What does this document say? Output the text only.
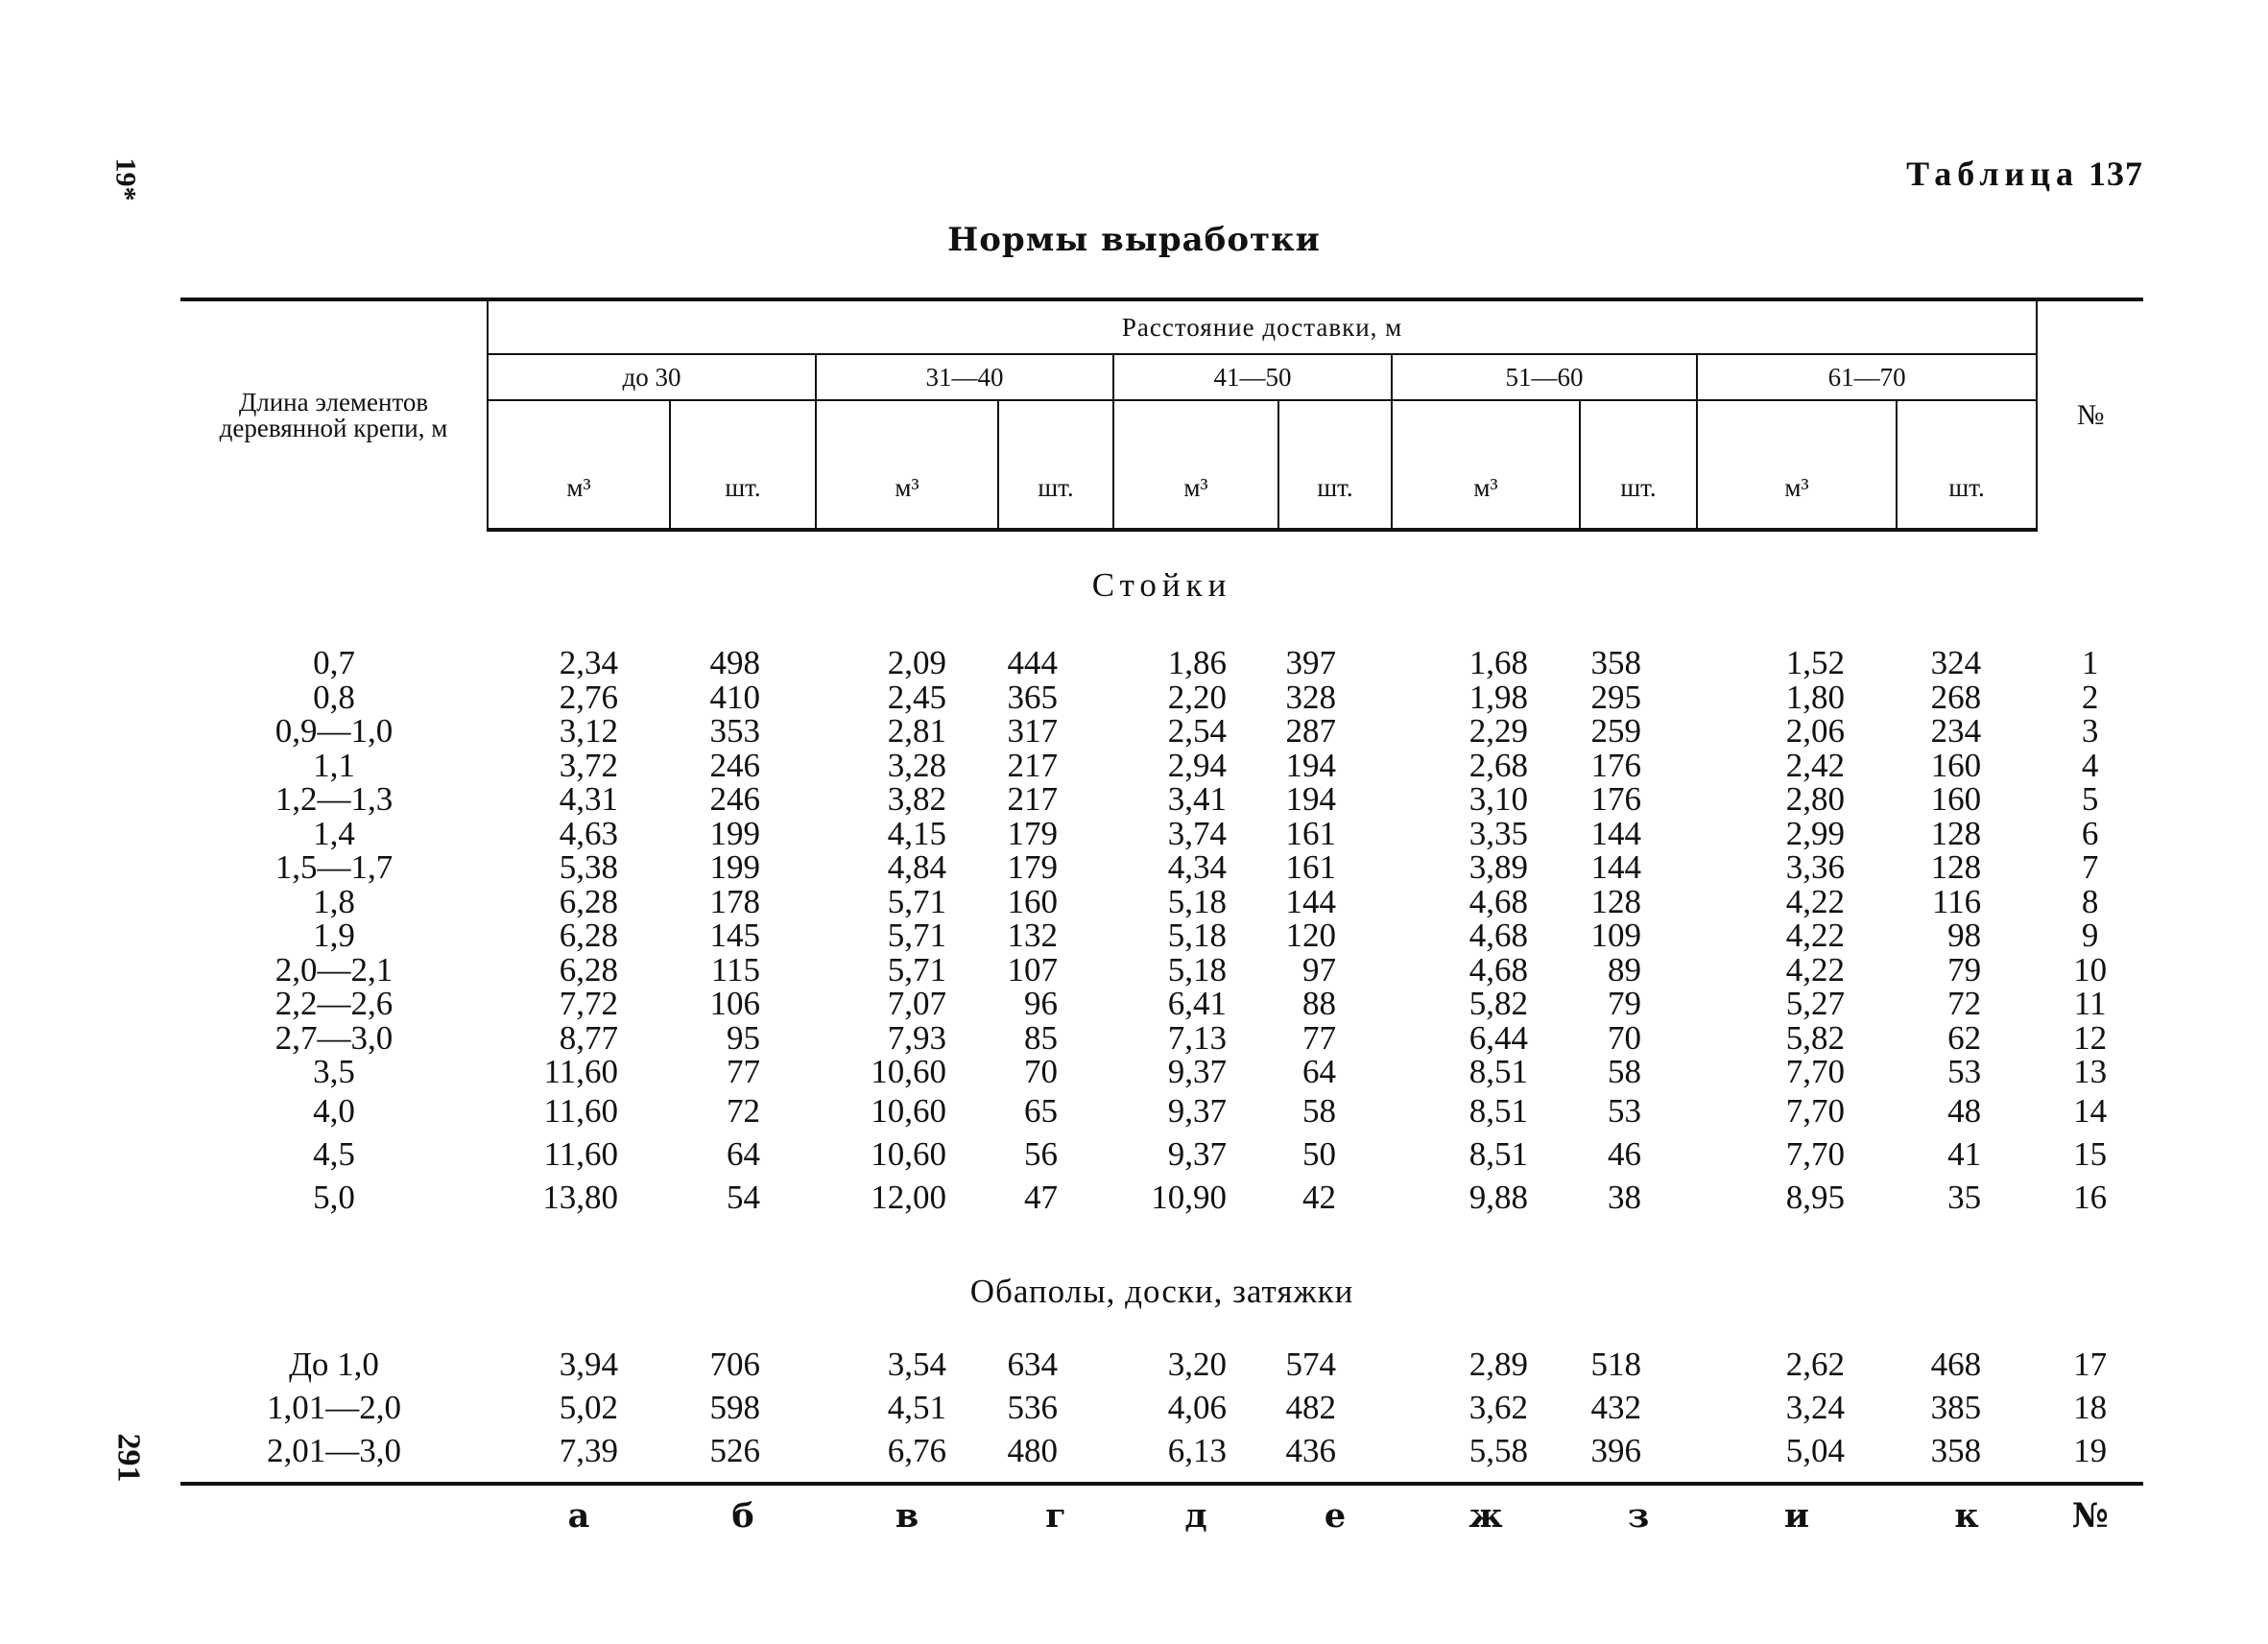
19*
291
Таблица 137
Нормы выработки
Длина элементов деревянной крепи, м	Расстояние доставки, м										№
	до 30		31—40		41—50		51—60		61—70		
	м³	шт.	м³	шт.	м³	шт.	м³	шт.	м³	шт.	
Стойки											
0,7	2,34	498	2,09	444	1,86	397	1,68	358	1,52	324	1
0,8	2,76	410	2,45	365	2,20	328	1,98	295	1,80	268	2
0,9—1,0	3,12	353	2,81	317	2,54	287	2,29	259	2,06	234	3
1,1	3,72	246	3,28	217	2,94	194	2,68	176	2,42	160	4
1,2—1,3	4,31	246	3,82	217	3,41	194	3,10	176	2,80	160	5
1,4	4,63	199	4,15	179	3,74	161	3,35	144	2,99	128	6
1,5—1,7	5,38	199	4,84	179	4,34	161	3,89	144	3,36	128	7
1,8	6,28	178	5,71	160	5,18	144	4,68	128	4,22	116	8
1,9	6,28	145	5,71	132	5,18	120	4,68	109	4,22	98	9
2,0—2,1	6,28	115	5,71	107	5,18	97	4,68	89	4,22	79	10
2,2—2,6	7,72	106	7,07	96	6,41	88	5,82	79	5,27	72	11
2,7—3,0	8,77	95	7,93	85	7,13	77	6,44	70	5,82	62	12
3,5	11,60	77	10,60	70	9,37	64	8,51	58	7,70	53	13
4,0	11,60	72	10,60	65	9,37	58	8,51	53	7,70	48	14
4,5	11,60	64	10,60	56	9,37	50	8,51	46	7,70	41	15
5,0	13,80	54	12,00	47	10,90	42	9,88	38	8,95	35	16
Обаполы, доски, затяжки											
До 1,0	3,94	706	3,54	634	3,20	574	2,89	518	2,62	468	17
1,01—2,0	5,02	598	4,51	536	4,06	482	3,62	432	3,24	385	18
2,01—3,0	7,39	526	6,76	480	6,13	436	5,58	396	5,04	358	19
	а	б	в	г	д	е	ж	з	и	к	№
